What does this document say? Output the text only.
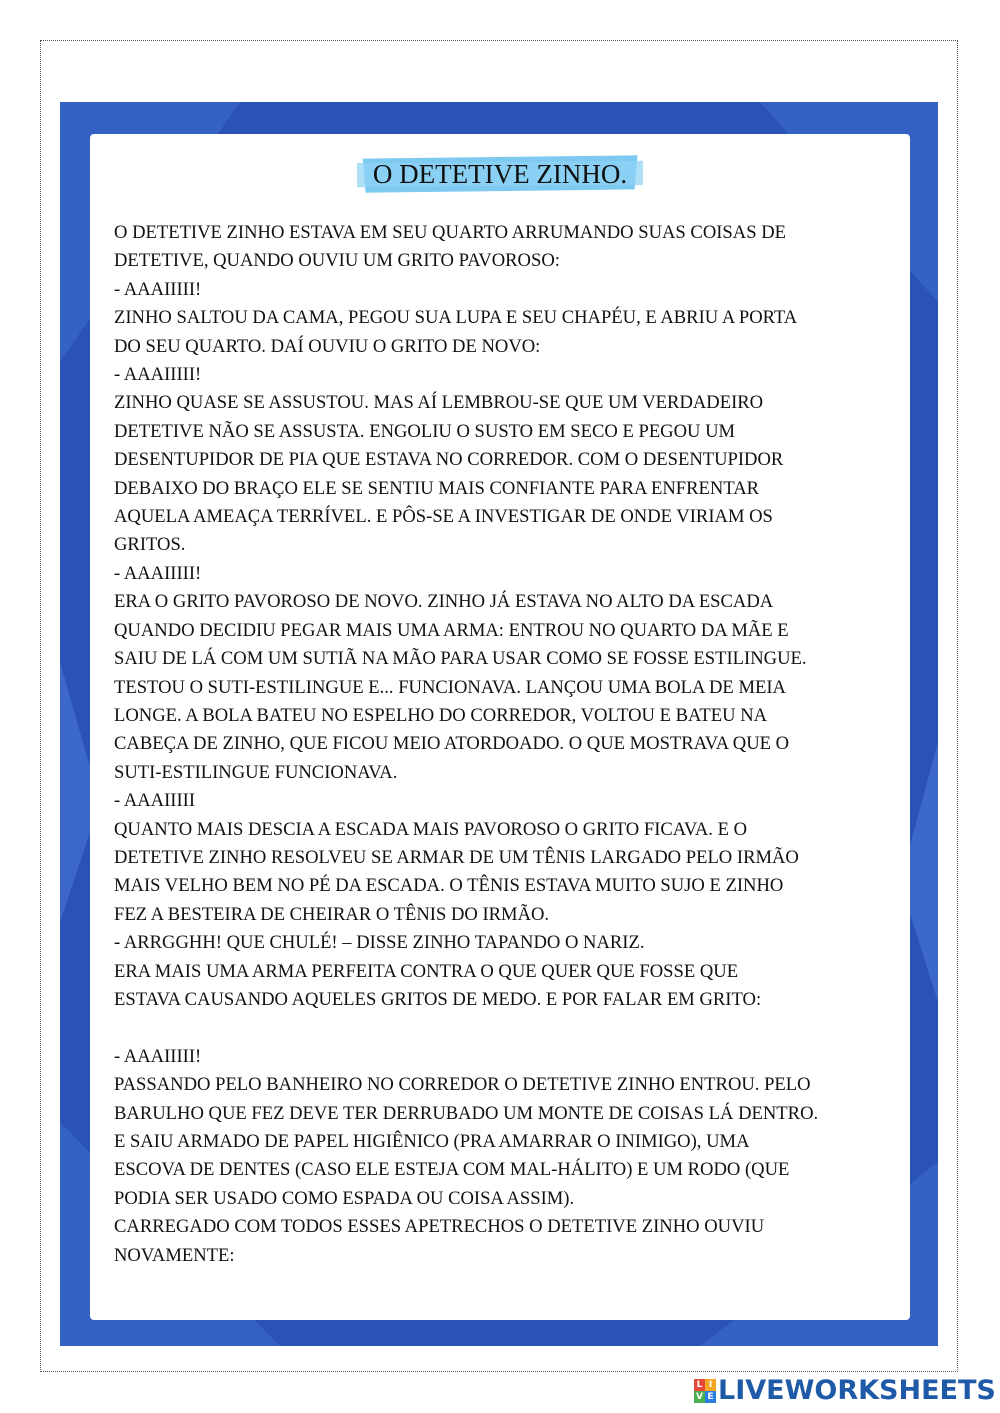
O DETETIVE ZINHO.

O DETETIVE ZINHO ESTAVA EM SEU QUARTO ARRUMANDO SUAS COISAS DE

DETETIVE, QUANDO OUVIU UM GRITO PAVOROSO:

- AAAIIIII!

ZINHO SALTOU DA CAMA, PEGOU SUA LUPA E SEU CHAPÉU, E ABRIU A PORTA

DO SEU QUARTO. DAÍ OUVIU O GRITO DE NOVO:

- AAAIIIII!

ZINHO QUASE SE ASSUSTOU. MAS AÍ LEMBROU-SE QUE UM VERDADEIRO

DETETIVE NÃO SE ASSUSTA. ENGOLIU O SUSTO EM SECO E PEGOU UM

DESENTUPIDOR DE PIA QUE ESTAVA NO CORREDOR. COM O DESENTUPIDOR

DEBAIXO DO BRAÇO ELE SE SENTIU MAIS CONFIANTE PARA ENFRENTAR

AQUELA AMEAÇA TERRÍVEL. E PÔS-SE A INVESTIGAR DE ONDE VIRIAM OS

GRITOS.

- AAAIIIII!

ERA O GRITO PAVOROSO DE NOVO. ZINHO JÁ ESTAVA NO ALTO DA ESCADA

QUANDO DECIDIU PEGAR MAIS UMA ARMA: ENTROU NO QUARTO DA MÃE E

SAIU DE LÁ COM UM SUTIÃ NA MÃO PARA USAR COMO SE FOSSE ESTILINGUE.

TESTOU O SUTI-ESTILINGUE E... FUNCIONAVA. LANÇOU UMA BOLA DE MEIA

LONGE. A BOLA BATEU NO ESPELHO DO CORREDOR, VOLTOU E BATEU NA

CABEÇA DE ZINHO, QUE FICOU MEIO ATORDOADO. O QUE MOSTRAVA QUE O

SUTI-ESTILINGUE FUNCIONAVA.

- AAAIIIII

QUANTO MAIS DESCIA A ESCADA MAIS PAVOROSO O GRITO FICAVA. E O

DETETIVE ZINHO RESOLVEU SE ARMAR DE UM TÊNIS LARGADO PELO IRMÃO

MAIS VELHO BEM NO PÉ DA ESCADA. O TÊNIS ESTAVA MUITO SUJO E ZINHO

FEZ A BESTEIRA DE CHEIRAR O TÊNIS DO IRMÃO.

- ARRGGHH! QUE CHULÉ! – DISSE ZINHO TAPANDO O NARIZ.

ERA MAIS UMA ARMA PERFEITA CONTRA O QUE QUER QUE FOSSE QUE

ESTAVA CAUSANDO AQUELES GRITOS DE MEDO. E POR FALAR EM GRITO:

- AAAIIIII!

PASSANDO PELO BANHEIRO NO CORREDOR O DETETIVE ZINHO ENTROU. PELO

BARULHO QUE FEZ DEVE TER DERRUBADO UM MONTE DE COISAS LÁ DENTRO.

E SAIU ARMADO DE PAPEL HIGIÊNICO (PRA AMARRAR O INIMIGO), UMA

ESCOVA DE DENTES (CASO ELE ESTEJA COM MAL-HÁLITO) E UM RODO (QUE

PODIA SER USADO COMO ESPADA OU COISA ASSIM).

CARREGADO COM TODOS ESSES APETRECHOS O DETETIVE ZINHO OUVIU

NOVAMENTE:

L I
V E LIVEWORKSHEETS
